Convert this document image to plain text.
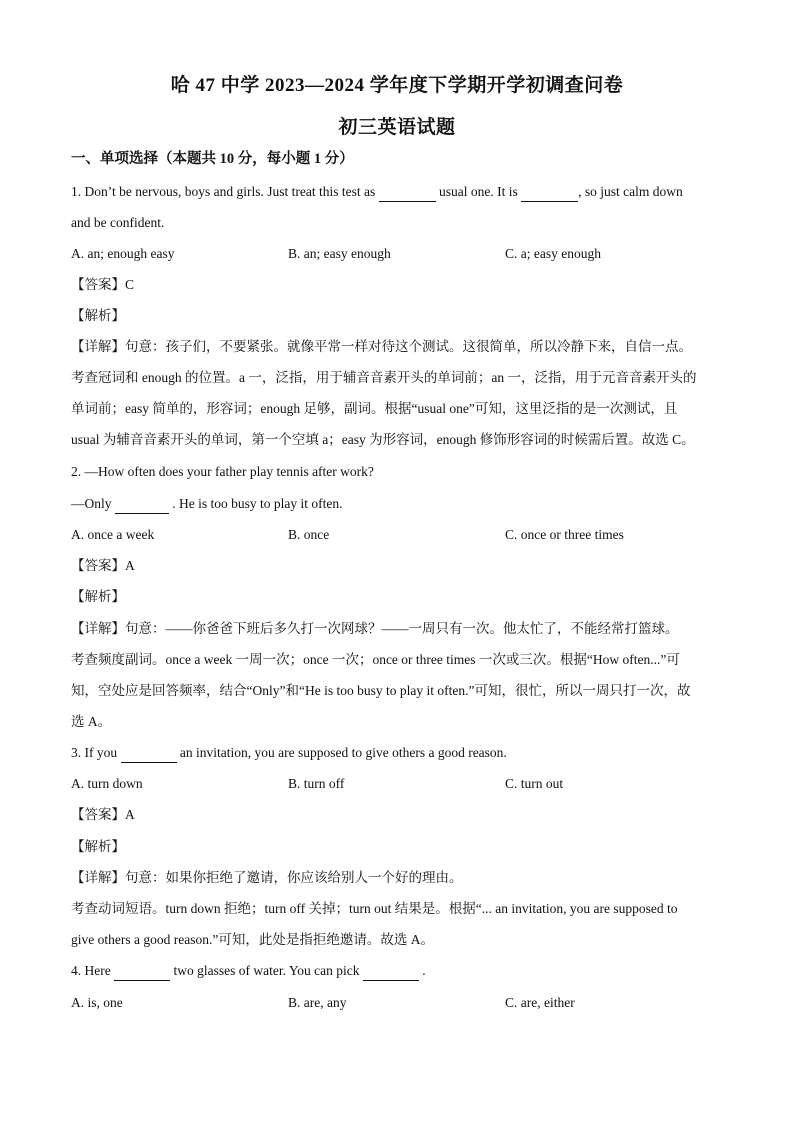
哈 47 中学 2023—2024 学年度下学期开学初调查问卷
初三英语试题
一、单项选择（本题共 10 分，每小题 1 分）
1. Don’t be nervous, boys and girls. Just treat this test as	usual one. It is	, so just calm down
and be confident.
A. an; enough easy	B. an; easy enough	C. a; easy enough
【答案】C
【解析】
【详解】句意：孩子们，不要紧张。就像平常一样对待这个测试。这很简单，所以冷静下来，自信一点。
考查冠词和 enough 的位置。a 一，泛指，用于辅音音素开头的单词前；an 一，泛指，用于元音音素开头的
单词前；easy 简单的，形容词；enough 足够，副词。根据“usual one”可知，这里泛指的是一次测试，且
usual 为辅音音素开头的单词，第一个空填 a；easy 为形容词，enough 修饰形容词的时候需后置。故选 C。
2. —How often does your father play tennis after work?
—Only	. He is too busy to play it often.
A. once a week	B. once	C. once or three times
【答案】A
【解析】
【详解】句意：——你爸爸下班后多久打一次网球？——一周只有一次。他太忙了，不能经常打篮球。
考查频度副词。once a week 一周一次；once 一次；once or three times 一次或三次。根据“How often...”可
知，空处应是回答频率，结合“Only”和“He is too busy to play it often.”可知，很忙，所以一周只打一次，故
选 A。
3. If you	an invitation, you are supposed to give others a good reason.
A. turn down	B. turn off	C. turn out
【答案】A
【解析】
【详解】句意：如果你拒绝了邀请，你应该给别人一个好的理由。
考查动词短语。turn down 拒绝；turn off 关掉；turn out 结果是。根据“... an invitation, you are supposed to
give others a good reason.”可知，此处是指拒绝邀请。故选 A。
4. Here	two glasses of water. You can pick	.
A. is, one	B. are, any	C. are, either
